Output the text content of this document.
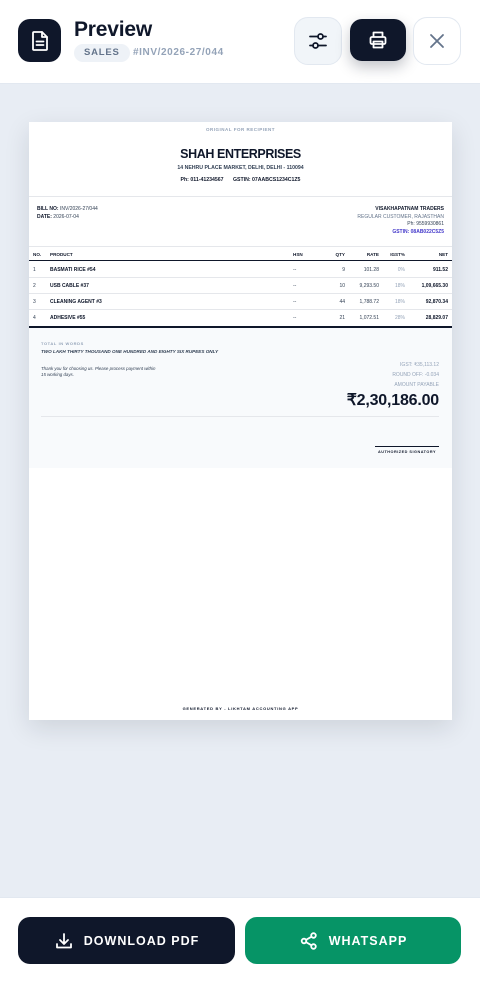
Preview
SALES	#INV/2026-27/044
ORIGINAL FOR RECIPIENT
SHAH ENTERPRISES
14 NEHRU PLACE MARKET, DELHI, DELHI - 110094
Ph: 011-41234567 GSTIN: 07AABCS1234C1Z5
BILL NO: INV/2026-27/044
DATE: 2026-07-04
VISAKHAPATNAM TRADERS
REGULAR CUSTOMER, RAJASTHAN
Ph: 9559930861
GSTIN: 08AB022C5Z5
NO. PRODUCT	HSN	QTY	RATE IGST%	NET
1	BASMATI RICE #54	--	9	101.28	0%	911.52
2	USB CABLE #37	--	10	9,293.50	18%	1,09,665.30
3	CLEANING AGENT #3	--	44	1,788.72	18%	92,870.34
4	ADHESIVE #55	--	21	1,072.51	28%	28,829.07
TOTAL IN WORDS
TWO LAKH THIRTY THOUSAND ONE HUNDRED AND EIGHTY SIX RUPEES ONLY
Thank you for choosing us. Please process payment within 15 working days.
IGST: ₹35,113.12
ROUND OFF: -0.034
AMOUNT PAYABLE
₹2,30,186.00
AUTHORIZED SIGNATORY
GENERATED BY - LIKHTAM ACCOUNTING APP
DOWNLOAD PDF	WHATSAPP
